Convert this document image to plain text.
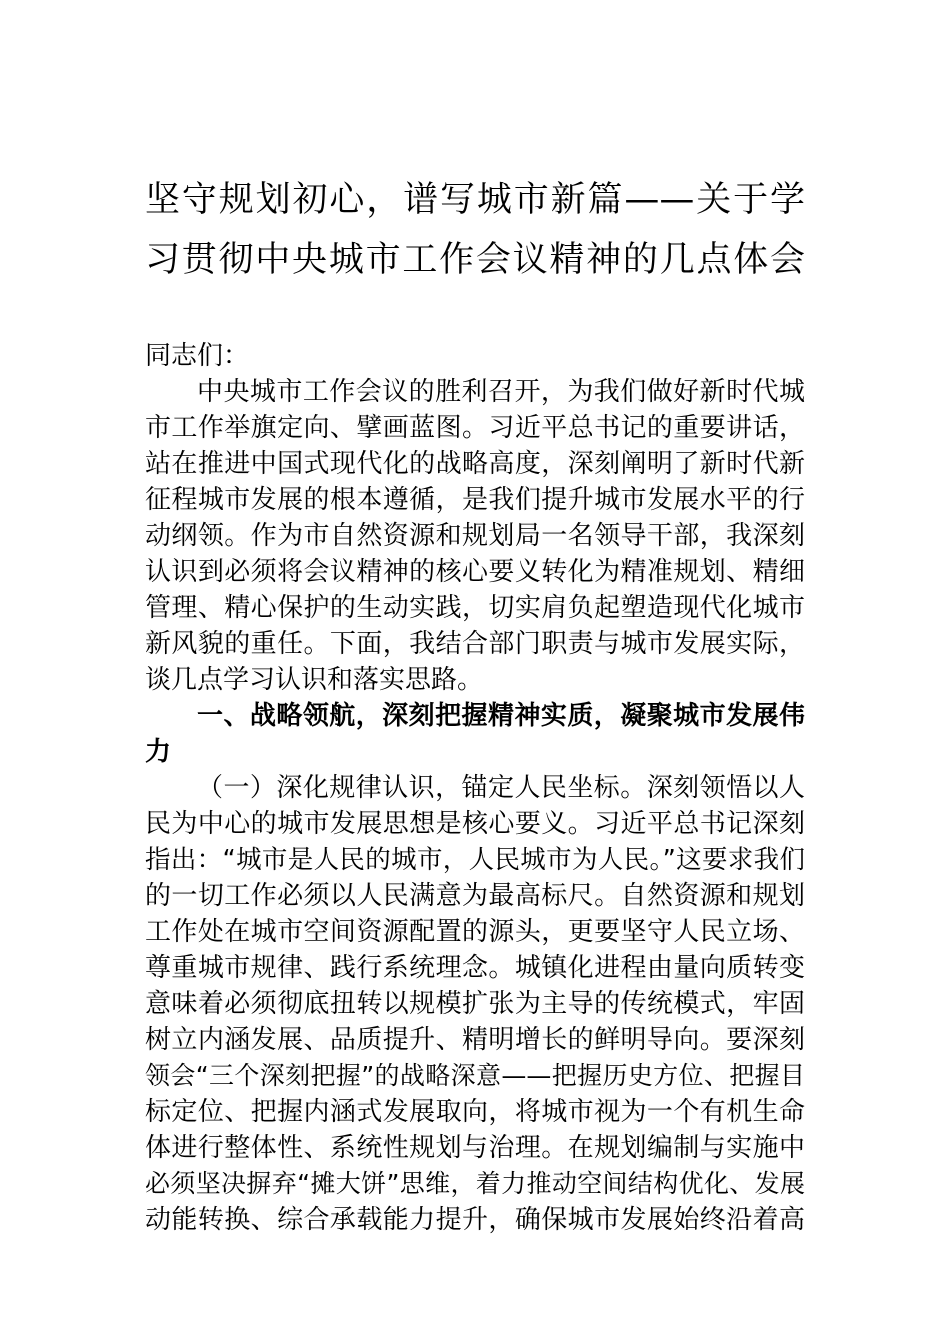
坚守规划初心，谱写城市新篇——关于学
习贯彻中央城市工作会议精神的几点体会
同志们：
中央城市工作会议的胜利召开，为我们做好新时代城
市工作举旗定向、擘画蓝图。习近平总书记的重要讲话，
站在推进中国式现代化的战略高度，深刻阐明了新时代新
征程城市发展的根本遵循，是我们提升城市发展水平的行
动纲领。作为市自然资源和规划局一名领导干部，我深刻
认识到必须将会议精神的核心要义转化为精准规划、精细
管理、精心保护的生动实践，切实肩负起塑造现代化城市
新风貌的重任。下面，我结合部门职责与城市发展实际，
谈几点学习认识和落实思路。
一、战略领航，深刻把握精神实质，凝聚城市发展伟
力
（一）深化规律认识，锚定人民坐标。深刻领悟以人
民为中心的城市发展思想是核心要义。习近平总书记深刻
指出：“城市是人民的城市，人民城市为人民。”这要求我们
的一切工作必须以人民满意为最高标尺。自然资源和规划
工作处在城市空间资源配置的源头，更要坚守人民立场、
尊重城市规律、践行系统理念。城镇化进程由量向质转变
意味着必须彻底扭转以规模扩张为主导的传统模式，牢固
树立内涵发展、品质提升、精明增长的鲜明导向。要深刻
领会“三个深刻把握”的战略深意——把握历史方位、把握目
标定位、把握内涵式发展取向，将城市视为一个有机生命
体进行整体性、系统性规划与治理。在规划编制与实施中
必须坚决摒弃“摊大饼”思维，着力推动空间结构优化、发展
动能转换、综合承载能力提升，确保城市发展始终沿着高
